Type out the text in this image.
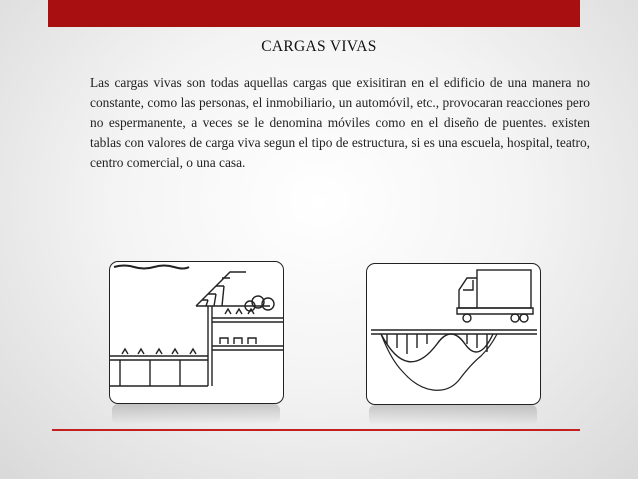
CARGAS VIVAS

Las cargas vivas son todas aquellas cargas que exisitiran en el edificio de una manera no constante, como las personas, el inmobiliario, un automóvil, etc., provocaran reacciones pero no espermanente, a veces se le denomina móviles como en el diseño de puentes. existen tablas con valores de carga viva segun el tipo de estructura, si es una escuela, hospital, teatro, centro comercial, o una casa.
